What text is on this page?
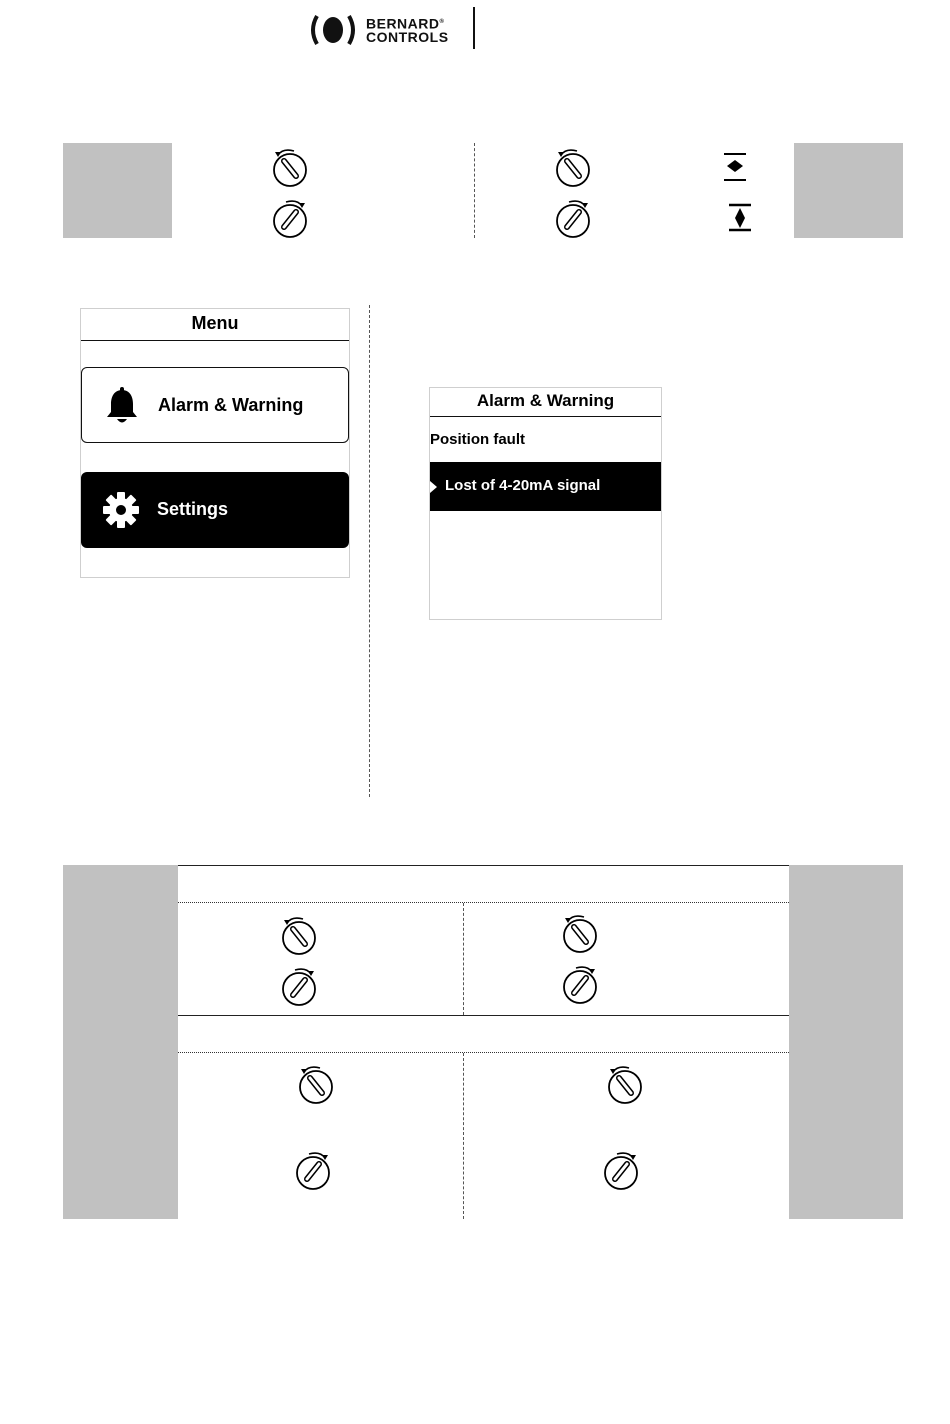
BERNARD®
CONTROLS
Menu
Alarm & Warning
Settings
Alarm & Warning
Position fault
Lost of 4-20mA signal
